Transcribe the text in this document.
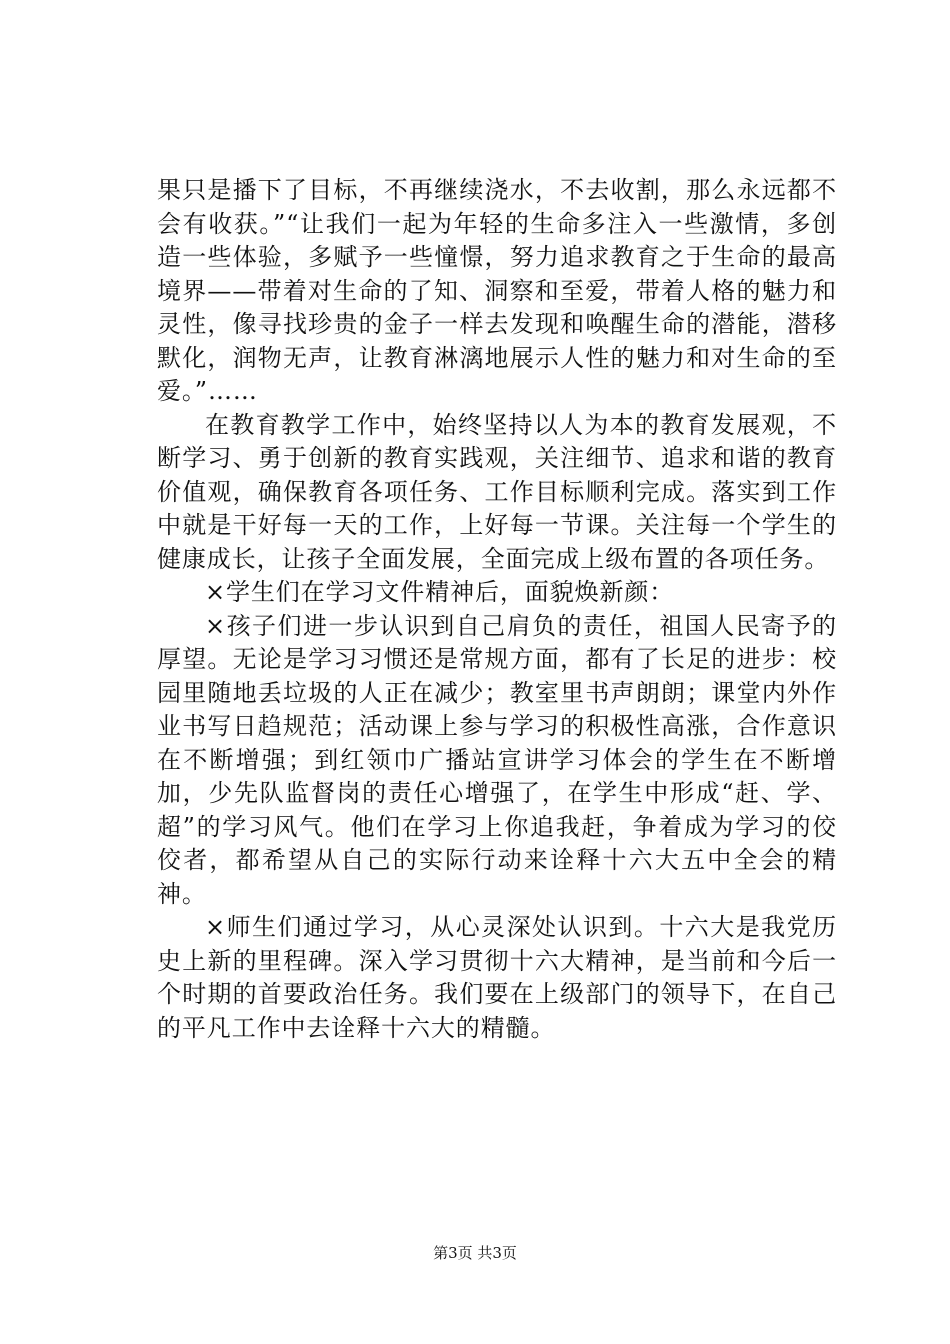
果只是播下了目标，不再继续浇水，不去收割，那么永远都不会有收获。”“让我们一起为年轻的生命多注入一些激情，多创造一些体验，多赋予一些憧憬，努力追求教育之于生命的最高境界——带着对生命的了知、洞察和至爱，带着人格的魅力和灵性，像寻找珍贵的金子一样去发现和唤醒生命的潜能，潜移默化，润物无声，让教育淋漓地展示人性的魅力和对生命的至爱。”……

在教育教学工作中，始终坚持以人为本的教育发展观，不断学习、勇于创新的教育实践观，关注细节、追求和谐的教育价值观，确保教育各项任务、工作目标顺利完成。落实到工作中就是干好每一天的工作，上好每一节课。关注每一个学生的健康成长，让孩子全面发展，全面完成上级布置的各项任务。

×学生们在学习文件精神后，面貌焕新颜：

×孩子们进一步认识到自己肩负的责任，祖国人民寄予的厚望。无论是学习习惯还是常规方面，都有了长足的进步：校园里随地丢垃圾的人正在减少；教室里书声朗朗；课堂内外作业书写日趋规范；活动课上参与学习的积极性高涨，合作意识在不断增强；到红领巾广播站宣讲学习体会的学生在不断增加，少先队监督岗的责任心增强了，在学生中形成“赶、学、超”的学习风气。他们在学习上你追我赶，争着成为学习的佼佼者，都希望从自己的实际行动来诠释十六大五中全会的精神。

×师生们通过学习，从心灵深处认识到。十六大是我党历史上新的里程碑。深入学习贯彻十六大精神，是当前和今后一个时期的首要政治任务。我们要在上级部门的领导下，在自己的平凡工作中去诠释十六大的精髓。

第3页 共3页
